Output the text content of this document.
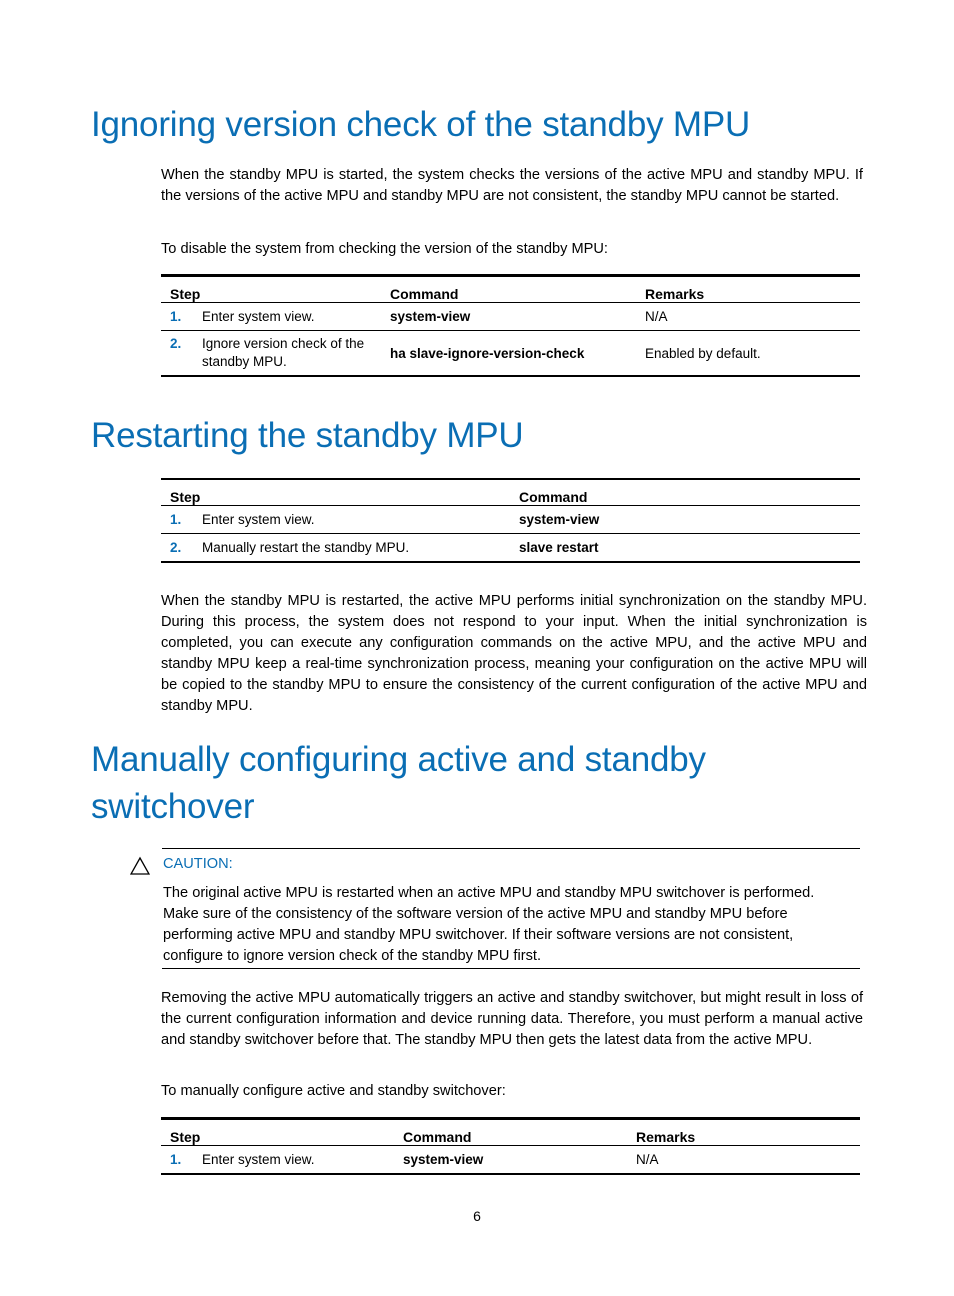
Ignoring version check of the standby MPU

When the standby MPU is started, the system checks the versions of the active MPU and standby MPU. If the versions of the active MPU and standby MPU are not consistent, the standby MPU cannot be started.

To disable the system from checking the version of the standby MPU:

Step	Command	Remarks
1. Enter system view.	system-view	N/A

2. Ignore version check of the standby MPU.	ha slave-ignore-version-check	Enabled by default.
Restarting the standby MPU
Step	Command
1. Enter system view.	system-view
2. Manually restart the standby MPU.	slave restart

When the standby MPU is restarted, the active MPU performs initial synchronization on the standby MPU. During this process, the system does not respond to your input. When the initial synchronization is completed, you can execute any configuration commands on the active MPU, and the active MPU and standby MPU keep a real-time synchronization process, meaning your configuration on the active MPU will be copied to the standby MPU to ensure the consistency of the current configuration of the active MPU and standby MPU.

Manually configuring active and standby
switchover
CAUTION:

The original active MPU is restarted when an active MPU and standby MPU switchover is performed. Make sure of the consistency of the software version of the active MPU and standby MPU before performing active MPU and standby MPU switchover. If their software versions are not consistent, configure to ignore version check of the standby MPU first.

Removing the active MPU automatically triggers an active and standby switchover, but might result in loss of the current configuration information and device running data. Therefore, you must perform a manual active and standby switchover before that. The standby MPU then gets the latest data from the active MPU.

To manually configure active and standby switchover:

Step	Command	Remarks
1. Enter system view.	system-view	N/A
6
